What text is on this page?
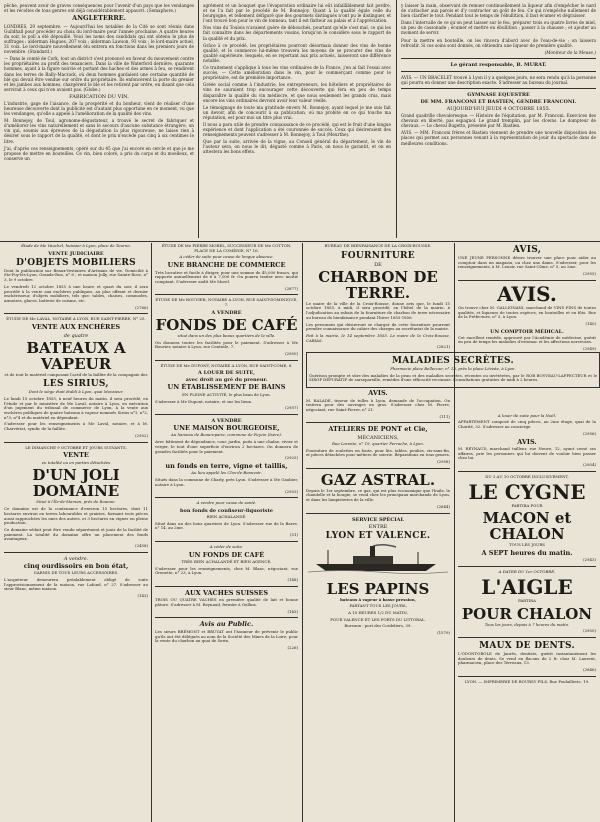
pêche, peuvent avoir de graves conséquences pour l'avenir d'un pays que les vendanges et les récoltes de tous genres ont déjà considérablement appauvri. (Semaphore.)

ANGLETERRE.

LONDRES, 29 septembre. — Aujourd'hui les notables de la Cité se sont réunis dans Guildhall pour procéder au choix du lord-maire pour l'année prochaine. A quatre heures du soir, le poll a été dépouillé. Voici les noms des candidats qui ont obtenu le plus de suffrages : alderman Hugues, 207 voix ; alderman Lawson, 93 voix ; le lord-maire actuel, 31 voix. Le lord-maire nouvellement élu entrera en fonctions dans les premiers jours de novembre. (Standard.)

— Dans le comté de Cork, tout un district s'est prononcé en faveur du mouvement contre les propriétaires au profit des tenanciers. Dans la ville de Waterford dernière, quarante hommes, ayant à la figure noircie et portant des haches et des armes à feu, se rendirent dans les terres de Bally-Macrack, où deux hommes gardaient une certaine quantité de blé qui devait être vendue sur ordre du propriétaire. Ils enfoncèrent la porte du grenier et les jambes aux hommes, chargèrent le blé et les retirent par ordre, en disant que cela servirait à ceux qui n'en avaient pas. (Globe.)

FABRICATION DU VIN.

L'industrie, gage de l'aisance, de la prospérité et du bonheur, vient de réaliser d'une heureuse découverte dont la publicité est d'autant plus opportune en ce moment, vu que les vendanges, qu'elle a appelé à l'amélioration de la qualité des vins.

M. Bonnejoy, de Toul, agronome-dégustateur, a trouvé le secret de fabriquer et d'améliorer les vins naturellement et sans le secours d'aucune substance étrangère, un vin qui, soumis aux épreuves de la dégustation la plus rigoureuse, ne laisse rien à désirer sous le rapport de la qualité, et dont le prix n'excède pas cinq à six centimes le litre.

J'ai, d'après ces renseignements, opéré sur du 45 que j'ai encore en cercle et que je me propose de mettre en bouteilles. Ce vin, bien coloré, a pris du corps et du moelleux, et conserve un

agrément et un bouquet que l'évaporation ordinaire lui eût infailliblement fait perdre, et ne l'a fait par le procédé de M. Bonnejoy. Quant à la qualité égale celle du bourgogne, et tellement défiguré que des gourmets distingués n'ont pu le distinguer, et l'ont trouvé bon pour le vin de tonneau, tant il est flatteur au palais et à l'appréciation.

Nos vins du Toulois n'avaient guère de débouchés, pourtant qu'elle s'est mal, ce qui les fait connaître dans les départements voisins, lorsqu'on le considère sous le rapport de la qualité et du prix.

Grâce à ce procédé, les propriétaires pourront désormais donner des vins de bonne qualité, et le commerce lui-même trouvera les moyens de se procurer des vins de qualité supérieure, lesquels, en se reportant aux prix actuels, laisseront une différence notable.

Ce traitement s'applique à tous les vins ordinaires de la France, j'en ai fait l'essai avec succès. — Cette amélioration dans le vin, pour le commerçant comme pour le propriétaire, est de première importance.

Gréée social comme à l'industrie, les entrepreneurs, les hôteliers et propriétaires de vins ne sauraient trop encourager cette découverte qui fera en peu de temps disparaître la qualité du vin médiocre, et que nous seulement les grands crus, mais encore les vins ordinaires devront avoir leur valeur réelle.

Le témoignage de toute ma gratitude envers M. Bonnejoy, ayant lequel je me suis fait un devoir, afin de concourir à sa publication, où ma probité en ce qui touche ma réputation, est pour moi un titre plus vrai.

Il nous a paru utile de prendre connaissance de ce procédé, qui est le fruit d'une longue expérience et dont l'application a été couronnée de succès. Ceux qui désireraient des renseignements peuvent s'adresser à M. Bonnejoy, à Toul (Meurthe).

Que par la suite, arrivée de la vigne, au Conseil général du département, le vin de l'auteur sera, on nous le dit, dégusté comme à Paris, on nous le garantit, et on en attestera les bons effets.

y laisser la main, observant de remuer continuellement la liqueur afin d'empêcher le nard de s'attacher aux parois et d'y contracter un goût de feu. Ce qui n'empêche nullement de bien clarifier le tout. Pendant tout le temps de l'ébullition, il faut écumer et dégraisser.

Dans l'intervalle de ce qu'on peut laisser sur le feu, préparer trois ou quatre livres de miel, un peu de cassonade ; écumer et mettre en ébullition ; passer à la chausse ; et ajouter au moment de servir.

Pour la mettre en bouteille, on les rincera d'abord avec de l'eau-de-vie ; on laissera refroidir. Si ces soins sont donnés, on obtiendra une liqueur de première qualité.

(Moniteur de la Meuse.)

Le gérant responsable, B. MURAT.

AVIS. — UN BRACELET trouvé à Lyon il y a quelques jours, ne sera rendu qu'à la personne qui pourra en donner une description exacte. S'adresser au bureau du journal.

GYMNASE EQUESTRE
DE MM. FRANCONI ET BASTIEN, GENDRE FRANCONI.
AUJOURD'HUI JEUDI 4 OCTOBRE 1855.

Grand quadrille chevaleresque. — Histoire de l'équitation, par M. Franconi. Exercices des chevaux en liberté, pas espagnol. Le grand tremplin, par les clowns. Le dompteur de chevaux. — Le cheval Bugetto, présenté par M. Bastien.

AVIS. — MM. Franconi frères et Bastien viennent de prendre une nouvelle disposition des places qui permet aux personnes venant à la représentation de jouir du spectacle dans de meilleures conditions.

Étude de Me Vauchel, huissier à Lyon, place de Tourne.

VENTE JUDICIAIRE
D'OBJETS MOBILIERS

Dont la publication sur Beaux-Vestiaires d'Artisans de vie. Domicilié à Ste-Foy-lès-Lyon, Grande-Rue, n° 8 ; et maison Jolly, rue Sainte-Rose, n° 3, le 9 octobre.

Le vendredi 12 octobre 1855 à une heure et quart du soir, il sera procédé à la vente aux enchères publiques, au plus offrant et dernier enchérisseur, d'objets mobiliers, tels que: tables, chaises, commodes, armoires, glaces, batterie de cuisine, etc.

(2786)

ÉTUDE DE Me LAVAL, NOTAIRE A LYON, RUE SAINT-PIERRE, N° 25.

VENTE AUX ENCHÈRES
de quatre
BATEAUX A VAPEUR

et de tout le matériel composant l'actif de la faillite de la compagnie des

LES SIRIUS,

Dont le siège était établi à Lyon, quai Monsieur.

Le lundi 15 octobre 1855, à neuf heures du matin, il sera procédé, en l'étude et par le ministère de Me Laval, notaire à Lyon, en exécution d'un jugement du tribunal de commerce de Lyon, à la vente aux enchères publiques de quatre bateaux à vapeur nommés Sirius n°1, n°2, n°3, n°4 et du matériel en dépendant.

S'adresser pour les renseignements à Me Laval, notaire, et à M. Charvériat, syndic de la faillite.

(2952)

LE DIMANCHE 9 OCTOBRE ET JOURS SUIVANTS.

VENTE

en totalité ou en parties détachées

D'UN JOLI DOMAINE

Situé à l'Île-de-Marsan, près de Roanne.

Ce domaine est de la contenance d'environ 15 hectares, dont 11 hectares environ en terres labourables et prairies, formant trois pièces aussi rapprochées les unes des autres, et 3 hectares en vignes en pleine production.

Ce domaine séduit peut être vendu séparément et jouir de la facilité de paiement. La totalité du domaine offre un placement des fonds avantageux.

(2458)

A vendre.
cinq ourdissoirs en bon état,

GARNIS DE TOUS LEURS ACCESSOIRES.

L'acquéreur demeurera préalablement obligé de suite l'approvisionnement de la maison, rue Lafond, n° 27. S'adresser au sieur Blanc, même maison.

(143)

ÉTUDE DE Me PIERRE MOREL, SUCCESSEUR DE Me COTTON, PLACE DE LA COMÉDIE, N° 16.

A céder de suite pour cause de longue absence.

UNE BRANCHE DE COMMERCE

Très lucrative et facile à diriger, pour une somme de 45,000 francs, qui rapporte annuellement de 6 à 7,000 fr. On pourra traiter avec moitié comptant. S'adresser audit Me Morel.

(2877)

ÉTUDE DE Me BOUVIER, NOTAIRE A LYON, RUE SAINT-DOMINIQUE, 7.

A VENDRE
FONDS DE CAFÉ

situé dans un des plus beaux quartiers de la ville.

On donnera toutes les facilités pour le paiement. S'adresser à Me Bouvier, notaire à Lyon, rue Centrale, 7.

(2950)

ÉTUDE DE Me DUPONT, NOTAIRE A LYON, RUE SAINT-COME, 8.

A LOUER DE SUITE,
avec droit au gré du preneur.
UN ÉTABLISSEMENT DE BAINS

EN PLEINE ACTIVITÉ, le plus beau de Lyon.

S'adresser à Me Dupont, notaire, et sur les lieux.

(2957)

A VENDRE
UNE MAISON BOURGEOISE,

Au hameau de Beaurepaire, commune de Feyzin (Isère).

Avec bâtiment de dépendance, cour, jardin, puits à une chaîne, vivier et verger, le tout d'une superficie d'environ 2 hectares. On donnera de grandes facilités pour le paiement.

(2925)

un fonds en terre, vigne et taillis,

Au lieu appelé les Clos-de-Beauvoir.

Situés dans la commune de Charly, près Lyon. S'adresser à Me Gaubier, notaire à Lyon.

(2953)

A vendre pour cause de santé.

bon fonds de confiseur-liquoriste

BIEN ACHALANDÉ.

Situé dans un des bons quartiers de Lyon. S'adresser rue de la Barre, n° 14, au 2me.

(51)

A céder de suite.

UN FONDS DE CAFÉ

TRÈS BIEN ACHALANDÉ ET BIEN AGENCÉ,

S'adresser pour les renseignements, chez M. Blanc, négociant, rue Grenette, n° 23, à Lyon.

(148)

AUX VACHES SUISSES

TROIS OU QUATRE VACHES en première qualité de lait et bonne pâture. S'adresser à M. Reynaud, fermier à Oullins.

(143)

Avis au Public.

Les sieurs BRÉMONT et BRUYAT ont l'honneur de prévenir le public qu'ils ont été délégués au nom de la Société des Mines de la Loire, pour la vente du charbon au quai de Serin.

(226)

BUREAU DE BIENFAISANCE DE LA CROIX-ROUSSE.

FOURNITURE
DE
CHARBON DE TERRE.

Le maire de la ville de la Croix-Rousse, donne avis que, le lundi 15 octobre 1855, à midi, il sera procédé, en l'hôtel de la mairie, à l'adjudication au rabais de la fourniture de charbon de terre nécessaire au bureau de bienfaisance pendant l'hiver 1855-1856.

Les personnes qui désireront se charger de cette fourniture pourront prendre connaissance du cahier des charges au secrétariat de la mairie.

Fait à la mairie, le 14 septembre 1855. Le maire de la Croix-Rousse, CABIAS.

(2821)

MALADIES SECRÈTES.

Pharmacie place Bellecour, n° 13, près la place Léviste, à Lyon.

Guérison prompte et sûre des maladies de la peau et des maladies secrètes, récentes ou invétérées, par le ROB BOYVEAU-LAFFECTEUR et le SIROP DÉPURATIF de sarsepareille, remèdes d'une efficacité reconnue. Consultations gratuites de midi à 2 heures.

AVIS.

M. BALADE, tisseur de tulles à Lyon, demande de l'occupation. On traitera pour des ouvrages en gros. S'adresser chez M. Pierre, négociant, rue Saint-Pierre, n° 21.

(111)

ATELIERS DE PONT et Cie,
MÉCANICIENS,

Rue Lorente, n° 19, quartier Perrache, à Lyon.

Fourniture de roulettes en fonte, pour lits, tables, poulies, vis-sans-fin, et pièces détachées pour métiers de soierie. Réparations en tous genres.

(2958)

GAZ ASTRAL.

Depuis le 1er septembre, ce gaz, qui est plus économique que l'huile, la chandelle et la bougie, se vend chez les principaux marchands de Lyon, et dans les lampisteries de la ville.

(2844)

SERVICE SPÉCIAL
ENTRE
LYON ET VALENCE.
LES PAPINS

bateaux à vapeur à basse pression,

PARTANT TOUS LES JOURS,

A 10 HEURES 1/2 DU MATIN,

POUR VALENCE ET LES PORTS DU LITTORAL.

Bureaux : port des Cordeliers, 39.

(1579)

AVIS,

UNE JEUNE PERSONNE désire trouver une place pour aider au comptoir dans un magasin, ou chez une dame. S'adresser, pour les renseignements, à M. Lenoir, rue Saint-Côme, n° 5, au 2me.

(2955)

AVIS.

On trouve chez M. GALLIGNANI, marchand de VINS FINS de toutes qualités, et liqueurs de toutes espèces, en bouteilles et en fûts. Rue de la Préfecture, n° 5, à Lyon.

(140)

UN COMPTOIR MÉDICAL.

Cet excellent remède, approuvé par l'Académie de médecine, guérit en peu de temps les maladies d'estomac et les affections nerveuses.

(2949)

A louer de suite pour la Noël,

APPARTEMENT composé de cinq pièces, au 2me étage, quai de la Charité, 32. S'adresser au concierge.

(2956)

AVIS.

M. REYNAUD, marchand tailleur, rue Neuve, 12, ayant cessé ses affaires, prie les personnes qui lui doivent de vouloir bien passer chez lui.

(2954)

DU 3 AU 10 OCTOBRE INCLUSIVEMENT,

LE CYGNE

PARTIRA POUR

MACON et CHALON

TOUS LES JOURS

A SEPT heures du matin.

(2943)

A DATER DU 1er OCTOBRE,

L'AIGLE

PARTIRA

POUR CHALON

Tous les jours, depuis à 7 heures du matin.

(2950)

MAUX DE DENTS.

L'ODONTOBOLE de Jaurès, dentiste, guérit instantanément les douleurs de dents. Se vend en flacons de 2 fr. chez M. Laurent, pharmacien, place des Terreaux, 13.

(2846)

LYON. — IMPRIMERIE DE BOURSY FILS, Rue Poulaillerie, 19.
